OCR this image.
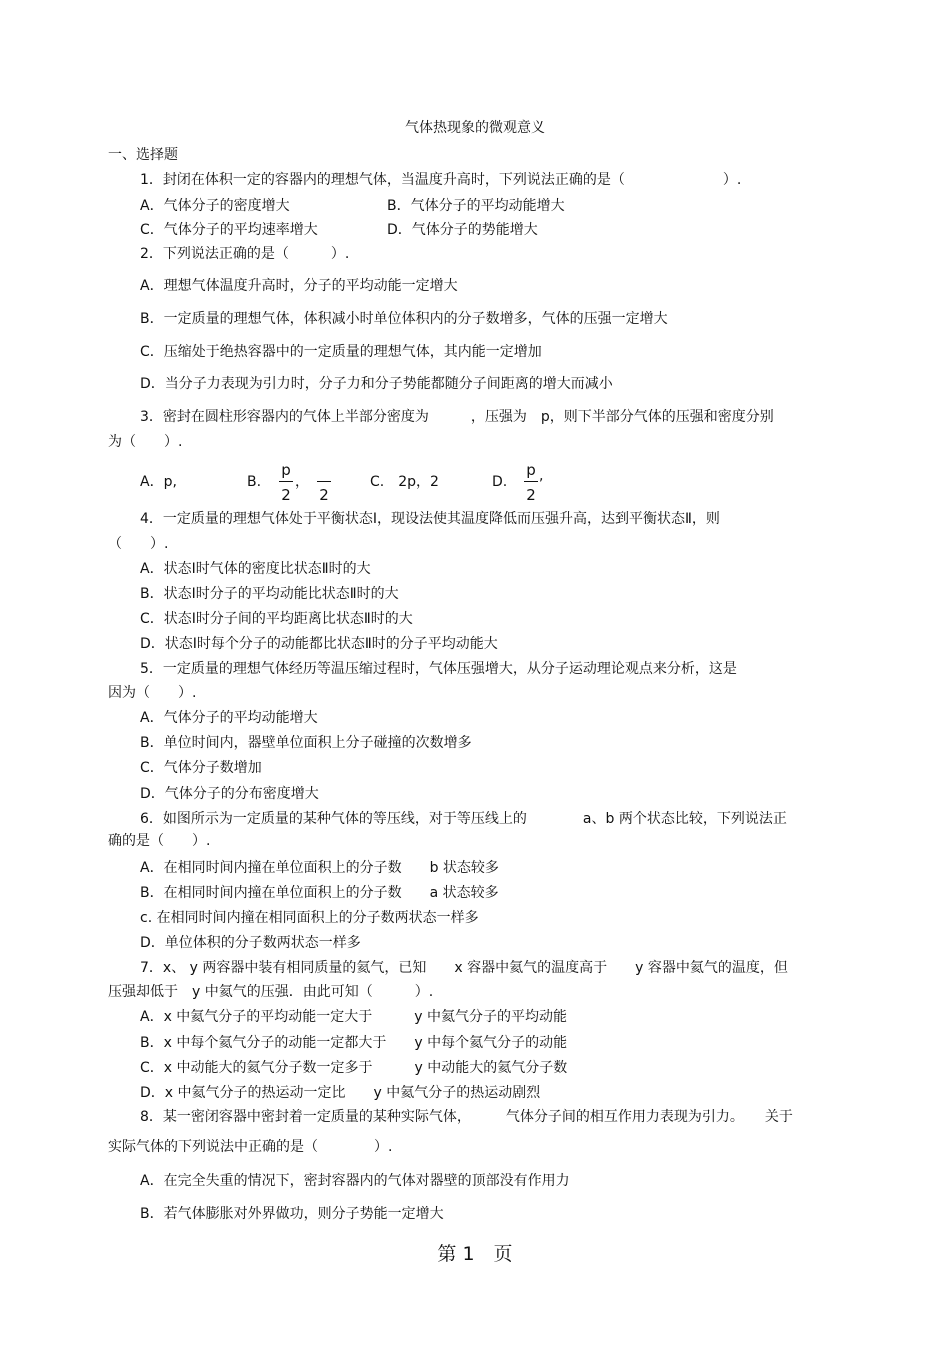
气体热现象的微观意义
一、选择题
1．封闭在体积一定的容器内的理想气体，当温度升高时，下列说法正确的是（　　　　　　　）.
A．气体分子的密度增大	B．气体分子的平均动能增大
C．气体分子的平均速率增大	D．气体分子的势能增大
2．下列说法正确的是（　　　）.
A．理想气体温度升高时，分子的平均动能一定增大
B．一定质量的理想气体，体积减小时单位体积内的分子数增多，气体的压强一定增大
C．压缩处于绝热容器中的一定质量的理想气体，其内能一定增加
D．当分子力表现为引力时，分子力和分子势能都随分子间距离的增大而减小
3．密封在圆柱形容器内的气体上半部分密度为　　　，压强为　p，则下半部分气体的压强和密度分别
为（　　）.
A．p,	B.
p
2
，
2
C.　2p，2	D.
p
2
,
4．一定质量的理想气体处于平衡状态Ⅰ，现设法使其温度降低而压强升高，达到平衡状态Ⅱ，则
（　　）.
A．状态Ⅰ时气体的密度比状态Ⅱ时的大
B．状态Ⅰ时分子的平均动能比状态Ⅱ时的大
C．状态Ⅰ时分子间的平均距离比状态Ⅱ时的大
D．状态Ⅰ时每个分子的动能都比状态Ⅱ时的分子平均动能大
5．一定质量的理想气体经历等温压缩过程时，气体压强增大，从分子运动理论观点来分析，这是
因为（　　）.
A．气体分子的平均动能增大
B．单位时间内，器壁单位面积上分子碰撞的次数增多
C．气体分子数增加
D．气体分子的分布密度增大
6．如图所示为一定质量的某种气体的等压线，对于等压线上的　　　　a、b 两个状态比较，下列说法正
确的是（　　）.
A．在相同时间内撞在单位面积上的分子数　　b 状态较多
B．在相同时间内撞在单位面积上的分子数　　a 状态较多
c. 在相同时间内撞在相同面积上的分子数两状态一样多
D．单位体积的分子数两状态一样多
7．x、 y 两容器中装有相同质量的氦气，已知　　x 容器中氦气的温度高于　　y 容器中氦气的温度，但
压强却低于　y 中氦气的压强．由此可知（　　　）.
A．x 中氦气分子的平均动能一定大于　　　y 中氦气分子的平均动能
B．x 中每个氦气分子的动能一定都大于　　y 中每个氦气分子的动能
C．x 中动能大的氦气分子数一定多于　　　y 中动能大的氦气分子数
D．x 中氦气分子的热运动一定比　　y 中氦气分子的热运动剧烈
8．某一密闭容器中密封着一定质量的某种实际气体，　　　气体分子间的相互作用力表现为引力。　　关于
实际气体的下列说法中正确的是（　　　　）.
A．在完全失重的情况下，密封容器内的气体对器壁的顶部没有作用力
B．若气体膨胀对外界做功，则分子势能一定增大
第 1　页
